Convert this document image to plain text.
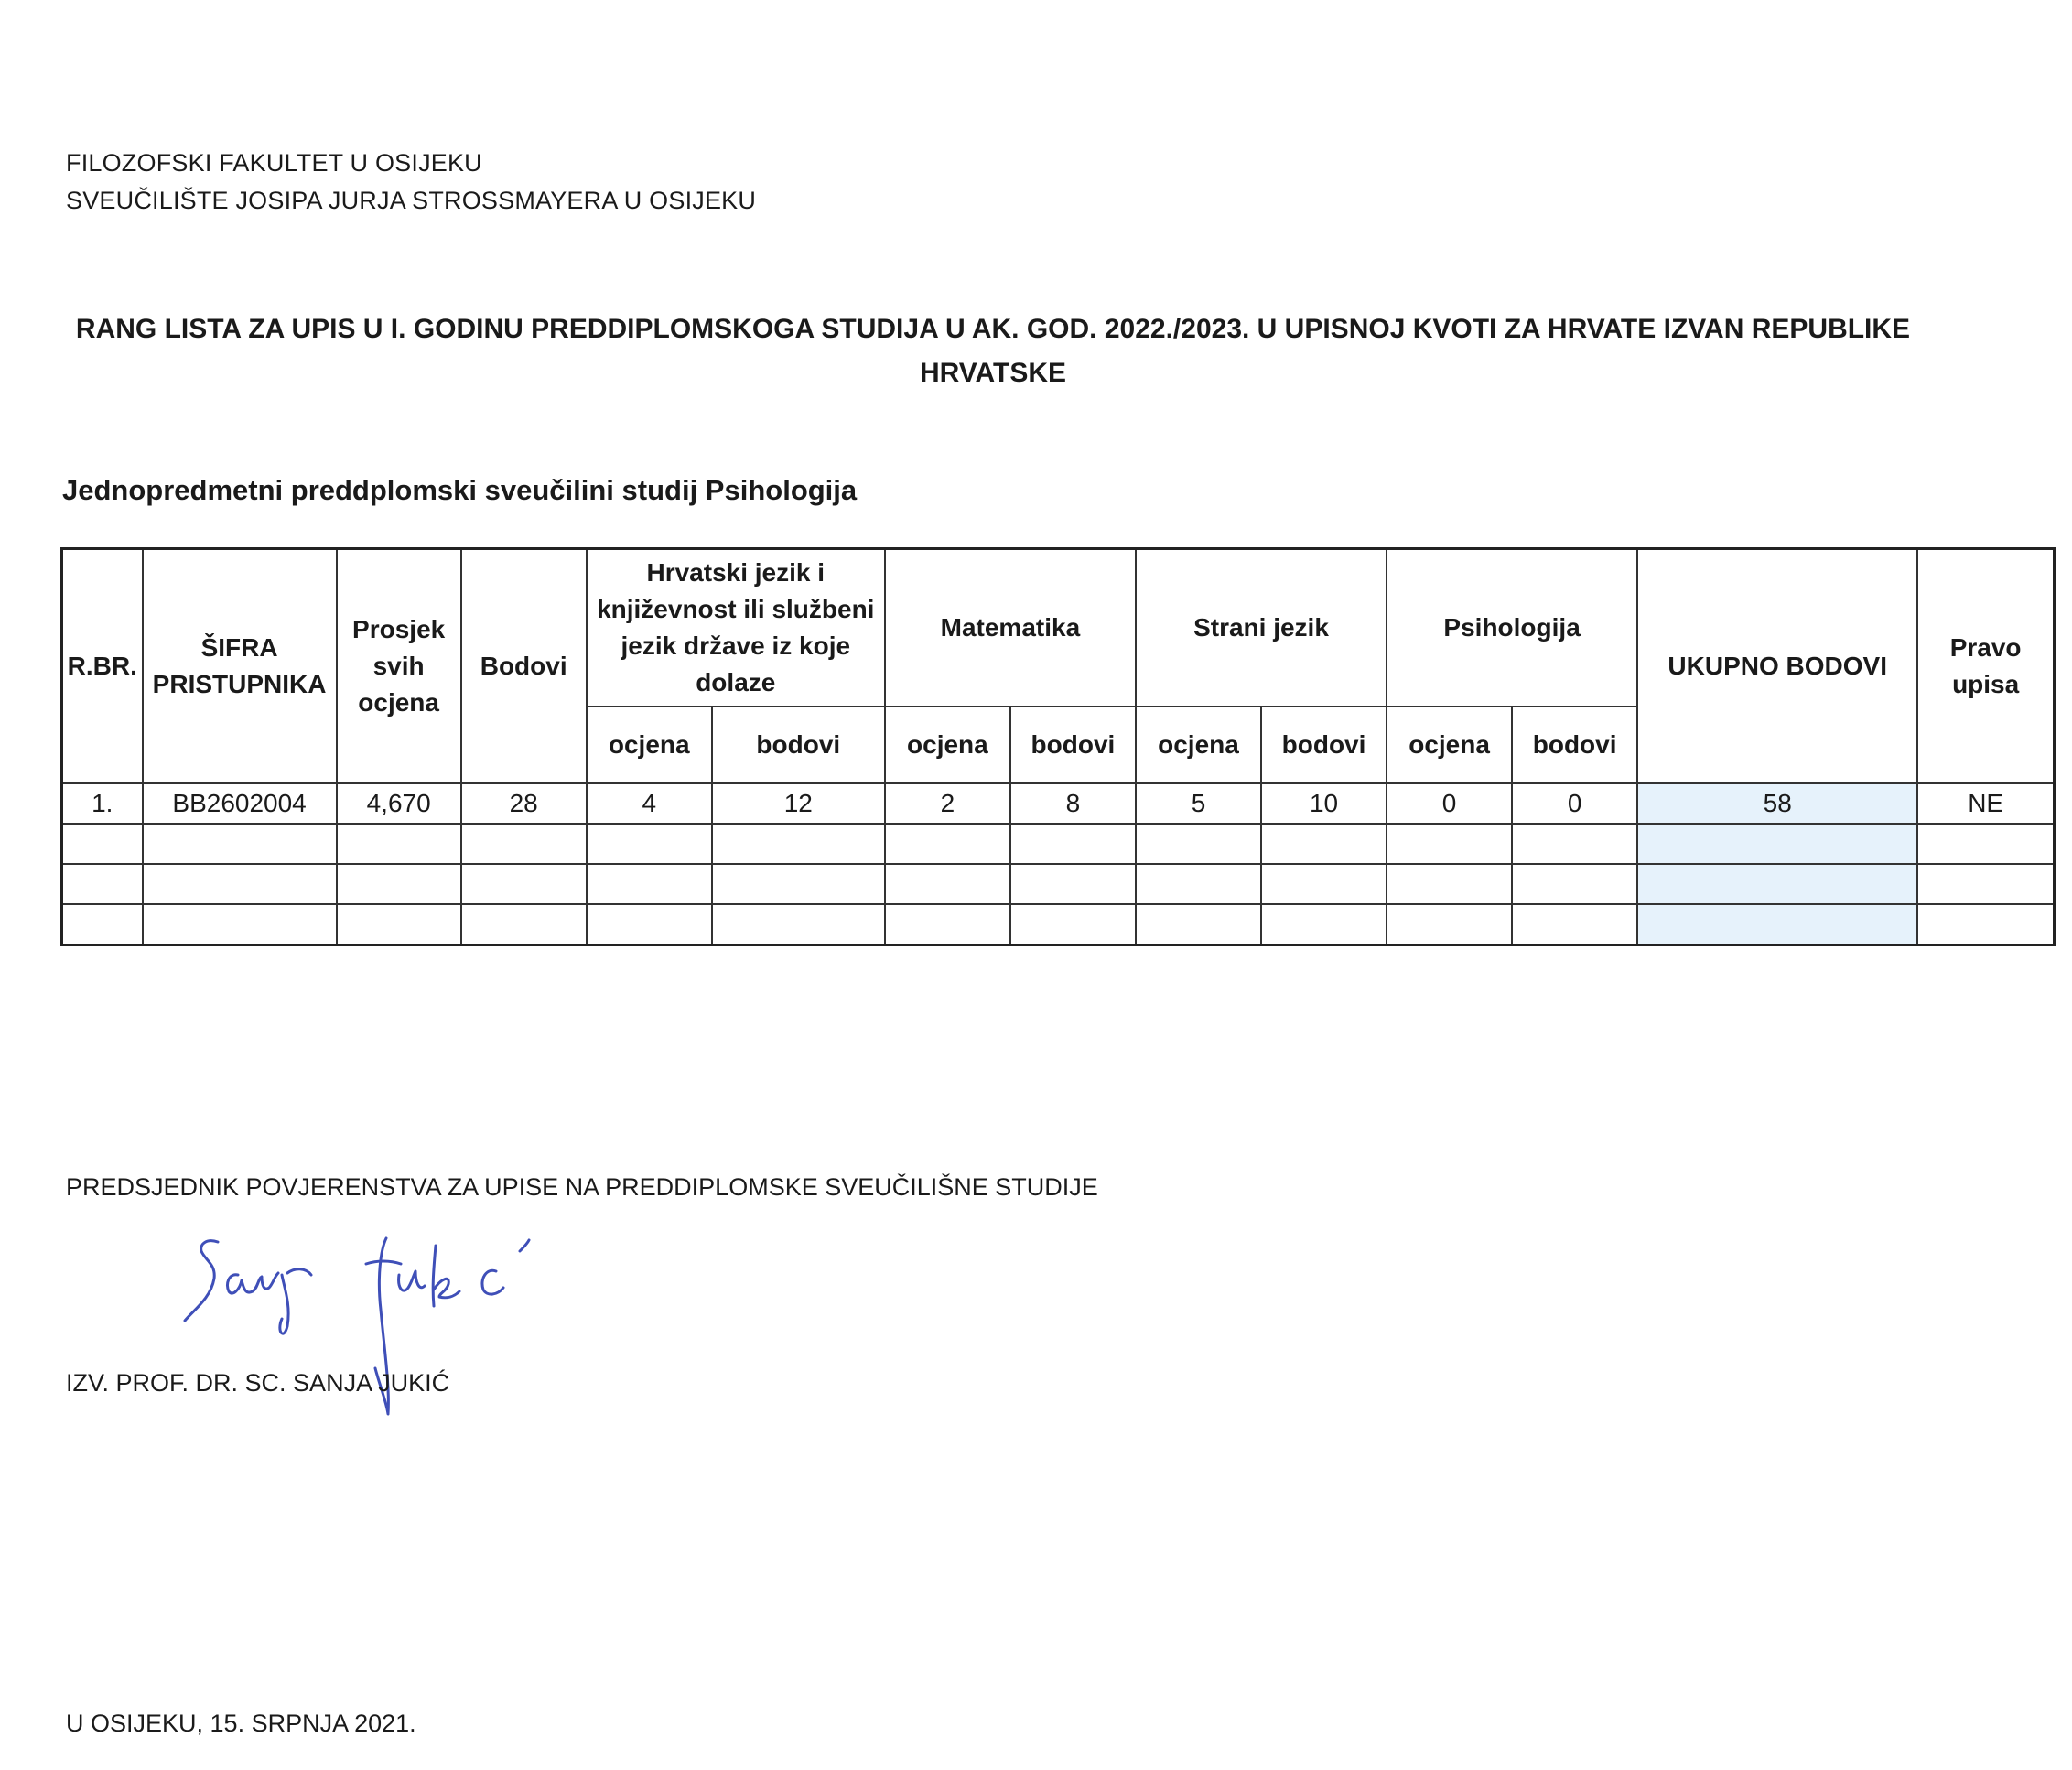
FILOZOFSKI FAKULTET U OSIJEKU
SVEUČILIŠTE JOSIPA JURJA STROSSMAYERA U OSIJEKU
RANG LISTA ZA UPIS U I. GODINU PREDDIPLOMSKOGA STUDIJA U AK. GOD. 2022./2023. U UPISNOJ KVOTI ZA HRVATE IZVAN REPUBLIKE
HRVATSKE
Jednopredmetni preddplomski sveučilini studij Psihologija
R.BR.	ŠIFRA PRISTUPNIKA	Prosjek svih ocjena	Bodovi	Hrvatski jezik i književnost ili službeni jezik države iz koje dolaze		Matematika		Strani jezik		Psihologija		UKUPNO BODOVI	Pravo upisa
				ocjena	bodovi	ocjena	bodovi	ocjena	bodovi	ocjena	bodovi		
1.	BB2602004	4,670	28	4	12	2	8	5	10	0	0	58	NE

PREDSJEDNIK POVJERENSTVA ZA UPISE NA PREDDIPLOMSKE SVEUČILIŠNE STUDIJE
IZV. PROF. DR. SC. SANJA JUKIĆ
U OSIJEKU, 15. SRPNJA 2021.
